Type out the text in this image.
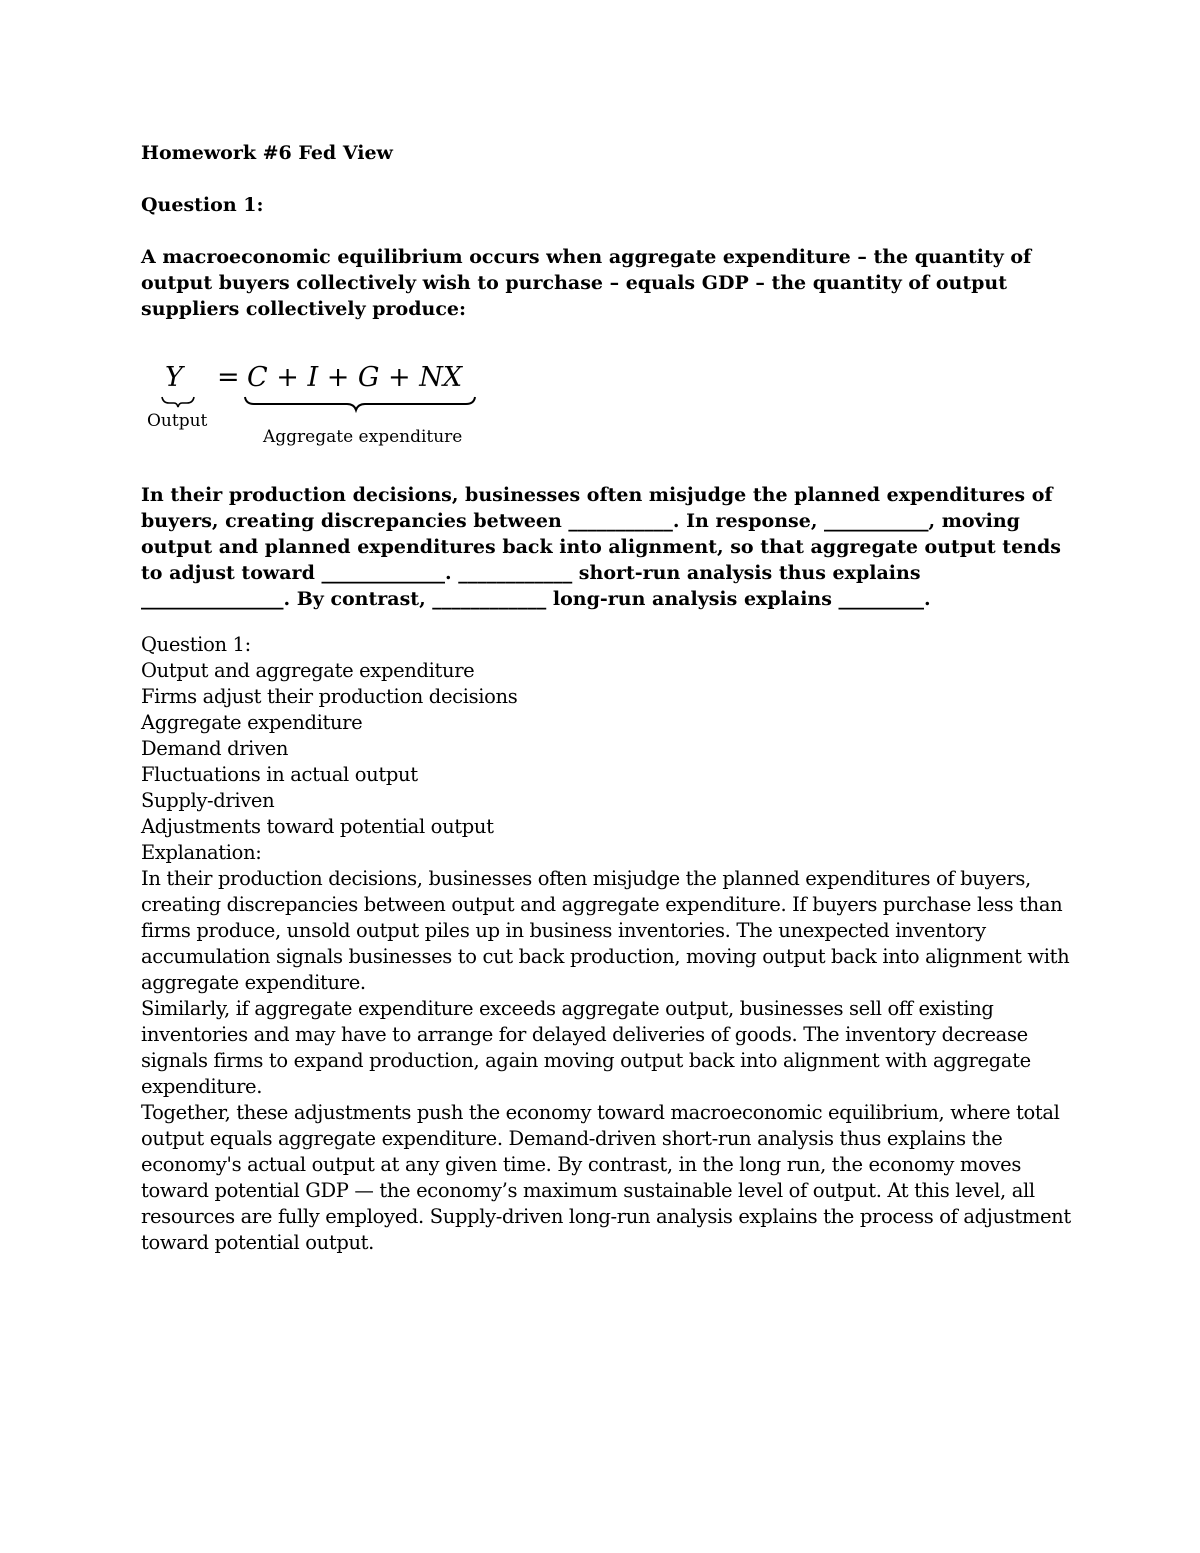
Homework #6 Fed View

Question 1:

A macroeconomic equilibrium occurs when aggregate expenditure – the quantity of output buyers collectively wish to purchase – equals GDP – the quantity of output suppliers collectively produce:

Y = C + I + G + NX
Output
Aggregate expenditure

In their production decisions, businesses often misjudge the planned expenditures of buyers, creating discrepancies between ___________. In response, ___________, moving output and planned expenditures back into alignment, so that aggregate output tends to adjust toward _____________. ____________ short-run analysis thus explains _______________. By contrast, ____________ long-run analysis explains _________.

Question 1:

Output and aggregate expenditure

Firms adjust their production decisions

Aggregate expenditure

Demand driven

Fluctuations in actual output

Supply-driven

Adjustments toward potential output

Explanation:

In their production decisions, businesses often misjudge the planned expenditures of buyers, creating discrepancies between output and aggregate expenditure. If buyers purchase less than firms produce, unsold output piles up in business inventories. The unexpected inventory accumulation signals businesses to cut back production, moving output back into alignment with aggregate expenditure.

Similarly, if aggregate expenditure exceeds aggregate output, businesses sell off existing inventories and may have to arrange for delayed deliveries of goods. The inventory decrease signals firms to expand production, again moving output back into alignment with aggregate expenditure.

Together, these adjustments push the economy toward macroeconomic equilibrium, where total output equals aggregate expenditure. Demand-driven short-run analysis thus explains the economy's actual output at any given time. By contrast, in the long run, the economy moves toward potential GDP — the economy’s maximum sustainable level of output. At this level, all resources are fully employed. Supply-driven long-run analysis explains the process of adjustment toward potential output.
